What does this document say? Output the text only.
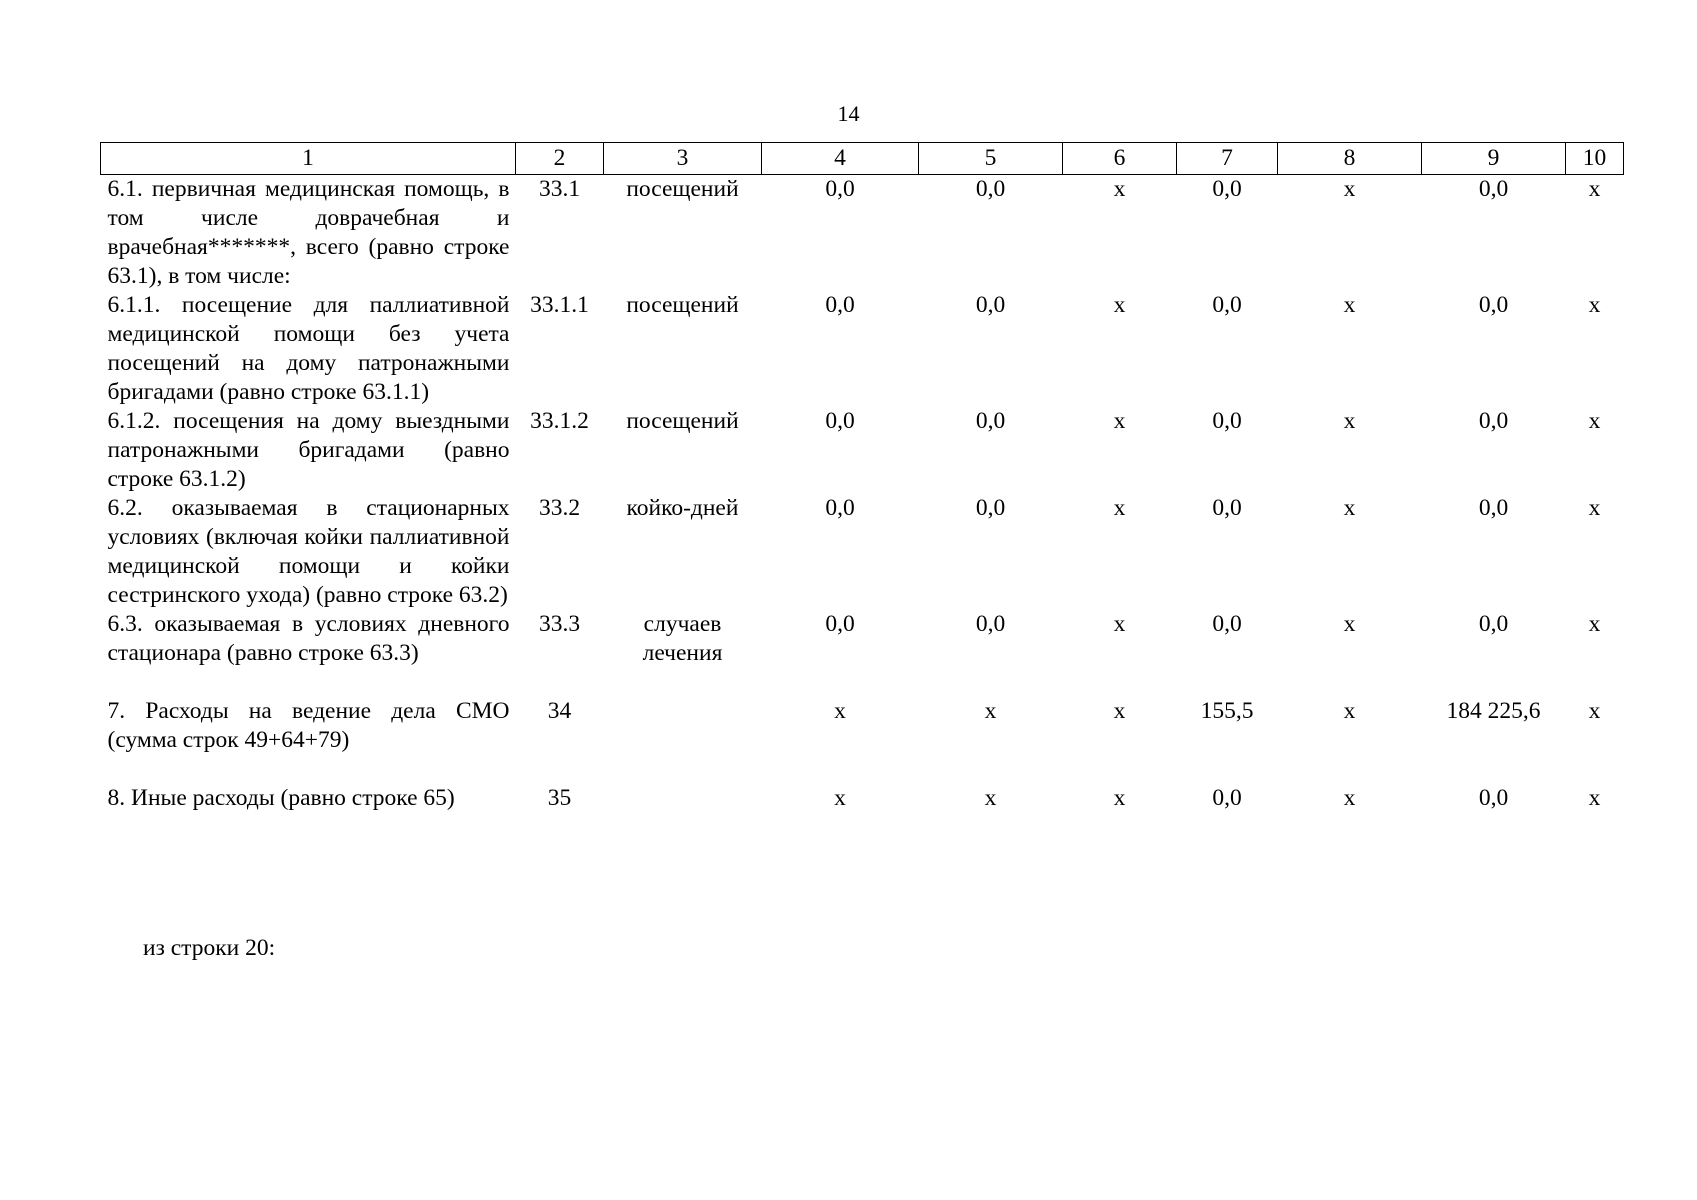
14
1	2	3	4	5	6	7	8	9	10
6.1. первичная медицинская помощь, в том числе доврачебная и врачебная*******, всего (равно строке 63.1), в том числе:	33.1	посещений	0,0	0,0	х	0,0	х	0,0	х
6.1.1. посещение для паллиативной медицинской помощи без учета посещений на дому патронажными бригадами (равно строке 63.1.1)	33.1.1	посещений	0,0	0,0	х	0,0	х	0,0	х
6.1.2. посещения на дому выездными патронажными бригадами (равно строке 63.1.2)	33.1.2	посещений	0,0	0,0	х	0,0	х	0,0	х
6.2. оказываемая в стационарных условиях (включая койки паллиативной медицинской помощи и койки сестринского ухода) (равно строке 63.2)	33.2	койко-дней	0,0	0,0	х	0,0	х	0,0	х
6.3. оказываемая в условиях дневного стационара (равно строке 63.3)	33.3	случаев лечения	0,0	0,0	х	0,0	х	0,0	х
7. Расходы на ведение дела СМО (сумма строк 49+64+79)	34		х	х	х	155,5	х	184 225,6	х
8. Иные расходы (равно строке 65)	35		х	х	х	0,0	х	0,0	х
из строки 20:
